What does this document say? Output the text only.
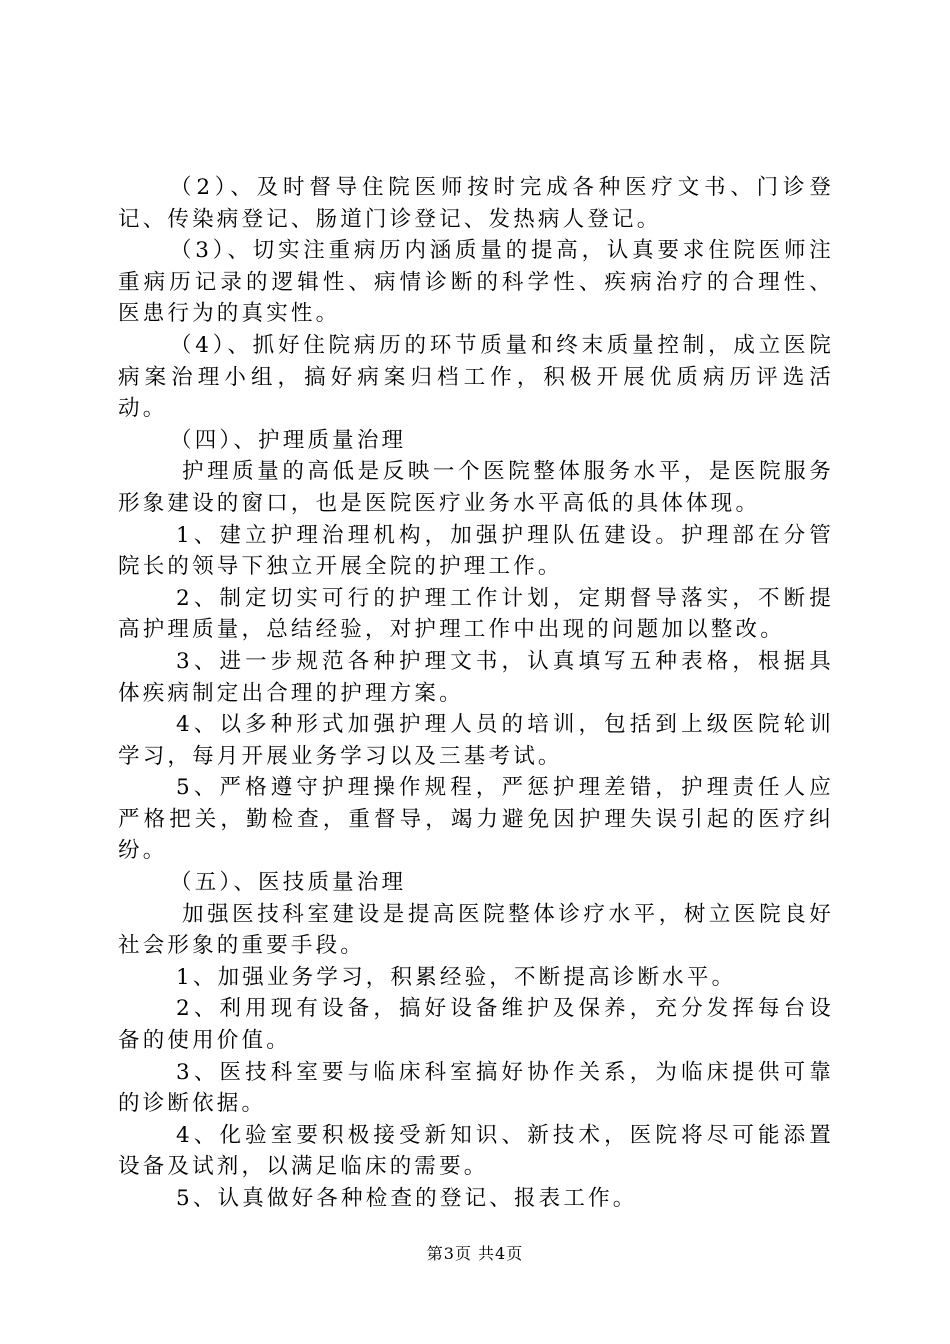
（2）、及时督导住院医师按时完成各种医疗文书、门诊登记、传染病登记、肠道门诊登记、发热病人登记。

（3）、切实注重病历内涵质量的提高，认真要求住院医师注重病历记录的逻辑性、病情诊断的科学性、疾病治疗的合理性、医患行为的真实性。

（4）、抓好住院病历的环节质量和终末质量控制，成立医院病案治理小组，搞好病案归档工作，积极开展优质病历评选活动。

（四）、护理质量治理

护理质量的高低是反映一个医院整体服务水平，是医院服务形象建设的窗口，也是医院医疗业务水平高低的具体体现。

1、建立护理治理机构，加强护理队伍建设。护理部在分管院长的领导下独立开展全院的护理工作。

2、制定切实可行的护理工作计划，定期督导落实，不断提高护理质量，总结经验，对护理工作中出现的问题加以整改。

3、进一步规范各种护理文书，认真填写五种表格，根据具体疾病制定出合理的护理方案。

4、以多种形式加强护理人员的培训，包括到上级医院轮训学习，每月开展业务学习以及三基考试。

5、严格遵守护理操作规程，严惩护理差错，护理责任人应严格把关，勤检查，重督导，竭力避免因护理失误引起的医疗纠纷。

（五）、医技质量治理

加强医技科室建设是提高医院整体诊疗水平，树立医院良好社会形象的重要手段。

1、加强业务学习，积累经验，不断提高诊断水平。

2、利用现有设备，搞好设备维护及保养，充分发挥每台设备的使用价值。

3、医技科室要与临床科室搞好协作关系，为临床提供可靠的诊断依据。

4、化验室要积极接受新知识、新技术，医院将尽可能添置设备及试剂，以满足临床的需要。

5、认真做好各种检查的登记、报表工作。

第3页 共4页
